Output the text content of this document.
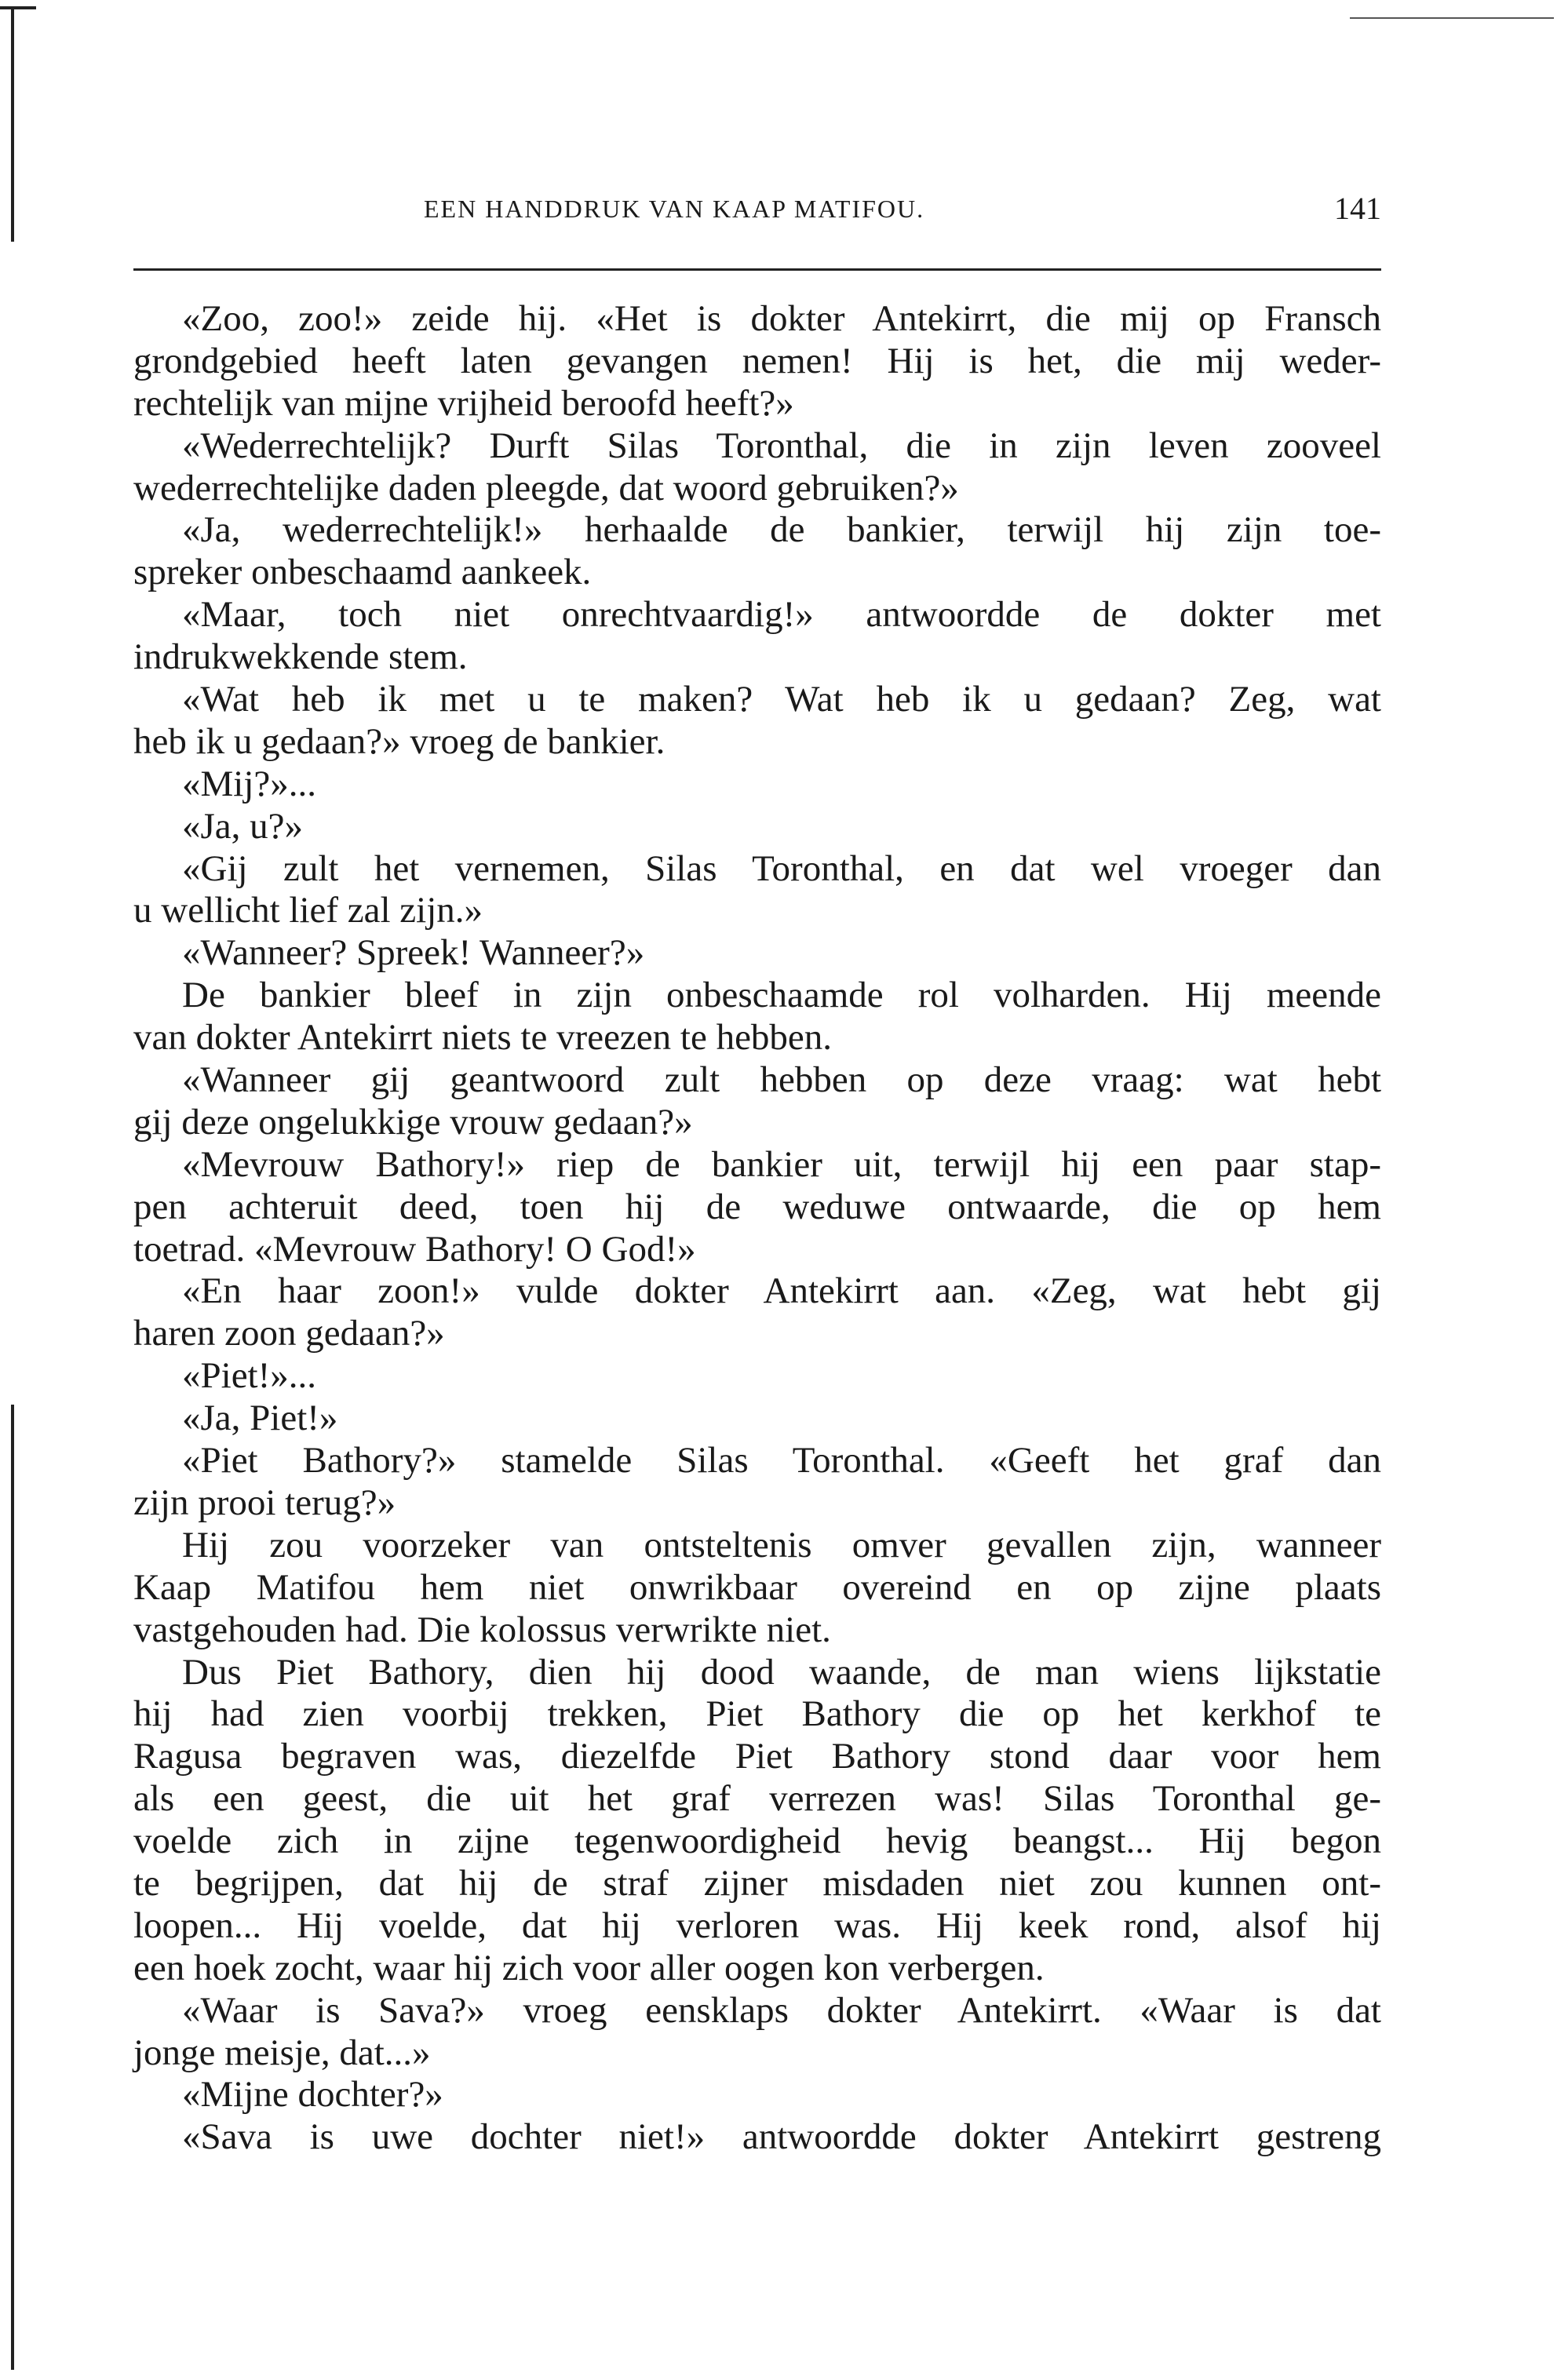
EEN HANDDRUK VAN KAAP MATIFOU.	141
«Zoo, zoo!» zeide hij. «Het is dokter Antekirrt, die mij op Fransch
grondgebied heeft laten gevangen nemen! Hij is het, die mij weder-
rechtelijk van mijne vrijheid beroofd heeft?»
«Wederrechtelijk? Durft Silas Toronthal, die in zijn leven zooveel
wederrechtelijke daden pleegde, dat woord gebruiken?»
«Ja, wederrechtelijk!» herhaalde de bankier, terwijl hij zijn toe-
spreker onbeschaamd aankeek.
«Maar, toch niet onrechtvaardig!» antwoordde de dokter met
indrukwekkende stem.
«Wat heb ik met u te maken? Wat heb ik u gedaan? Zeg, wat
heb ik u gedaan?» vroeg de bankier.
«Mij?»...
«Ja, u?»
«Gij zult het vernemen, Silas Toronthal, en dat wel vroeger dan
u wellicht lief zal zijn.»
«Wanneer? Spreek! Wanneer?»
De bankier bleef in zijn onbeschaamde rol volharden. Hij meende
van dokter Antekirrt niets te vreezen te hebben.
«Wanneer gij geantwoord zult hebben op deze vraag: wat hebt
gij deze ongelukkige vrouw gedaan?»
«Mevrouw Bathory!» riep de bankier uit, terwijl hij een paar stap-
pen achteruit deed, toen hij de weduwe ontwaarde, die op hem
toetrad. «Mevrouw Bathory! O God!»
«En haar zoon!» vulde dokter Antekirrt aan. «Zeg, wat hebt gij
haren zoon gedaan?»
«Piet!»...
«Ja, Piet!»
«Piet Bathory?» stamelde Silas Toronthal. «Geeft het graf dan
zijn prooi terug?»
Hij zou voorzeker van ontsteltenis omver gevallen zijn, wanneer
Kaap Matifou hem niet onwrikbaar overeind en op zijne plaats
vastgehouden had. Die kolossus verwrikte niet.
Dus Piet Bathory, dien hij dood waande, de man wiens lijkstatie
hij had zien voorbij trekken, Piet Bathory die op het kerkhof te
Ragusa begraven was, diezelfde Piet Bathory stond daar voor hem
als een geest, die uit het graf verrezen was! Silas Toronthal ge-
voelde zich in zijne tegenwoordigheid hevig beangst... Hij begon
te begrijpen, dat hij de straf zijner misdaden niet zou kunnen ont-
loopen... Hij voelde, dat hij verloren was. Hij keek rond, alsof hij
een hoek zocht, waar hij zich voor aller oogen kon verbergen.
«Waar is Sava?» vroeg eensklaps dokter Antekirrt. «Waar is dat
jonge meisje, dat...»
«Mijne dochter?»
«Sava is uwe dochter niet!» antwoordde dokter Antekirrt gestreng
